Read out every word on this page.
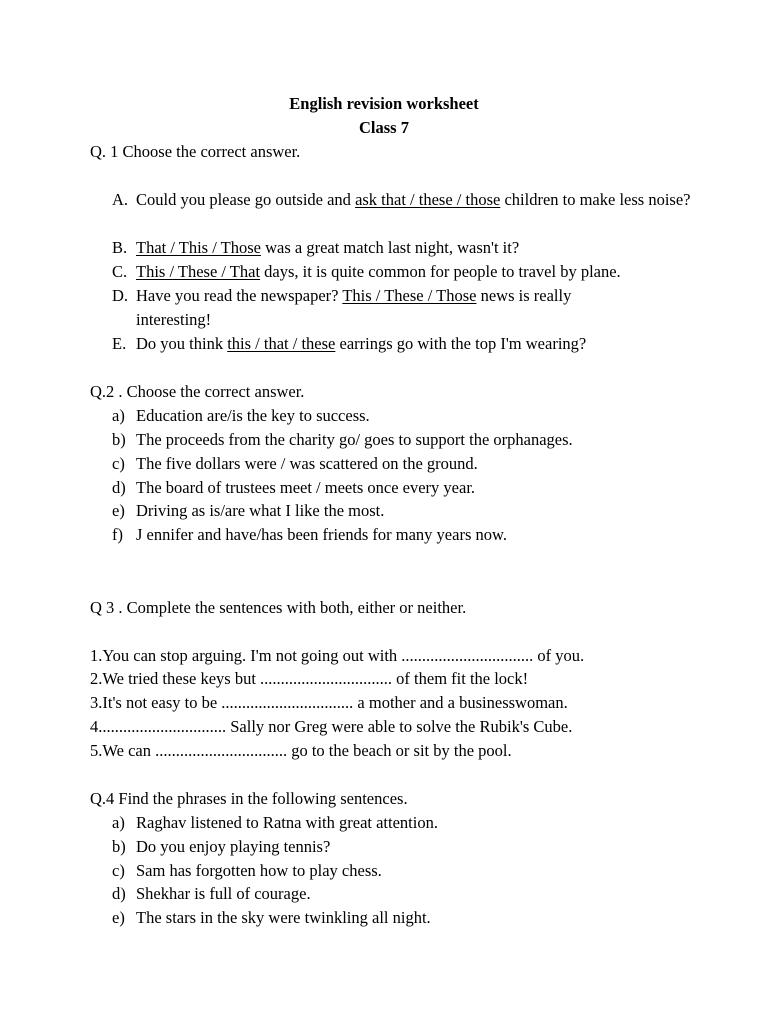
English revision worksheet
Class 7
Q. 1 Choose the correct answer.
A. Could you please go outside and ask that / these / those children to make less noise?
B. That / This / Those was a great match last night, wasn't it?
C. This / These / That days, it is quite common for people to travel by plane.
D. Have you read the newspaper? This / These / Those news is really interesting!
E. Do you think this / that / these earrings go with the top I'm wearing?
Q.2 . Choose the correct answer.
a) Education are/is the key to success.
b) The proceeds from the charity go/ goes to support the orphanages.
c) The five dollars were / was scattered on the ground.
d) The board of trustees meet / meets once every year.
e) Driving as is/are what I like the most.
f) J ennifer and have/has been friends for many years now.
Q 3 . Complete the sentences with both, either or neither.
1.You can stop arguing. I'm not going out with ................................ of you.
2.We tried these keys but ................................ of them fit the lock!
3.It's not easy to be ................................ a mother and a businesswoman.
4............................... Sally nor Greg were able to solve the Rubik's Cube.
5.We can ................................ go to the beach or sit by the pool.
Q.4 Find the phrases in the following sentences.
a) Raghav listened to Ratna with great attention.
b) Do you enjoy playing tennis?
c) Sam has forgotten how to play chess.
d) Shekhar is full of courage.
e) The stars in the sky were twinkling all night.
